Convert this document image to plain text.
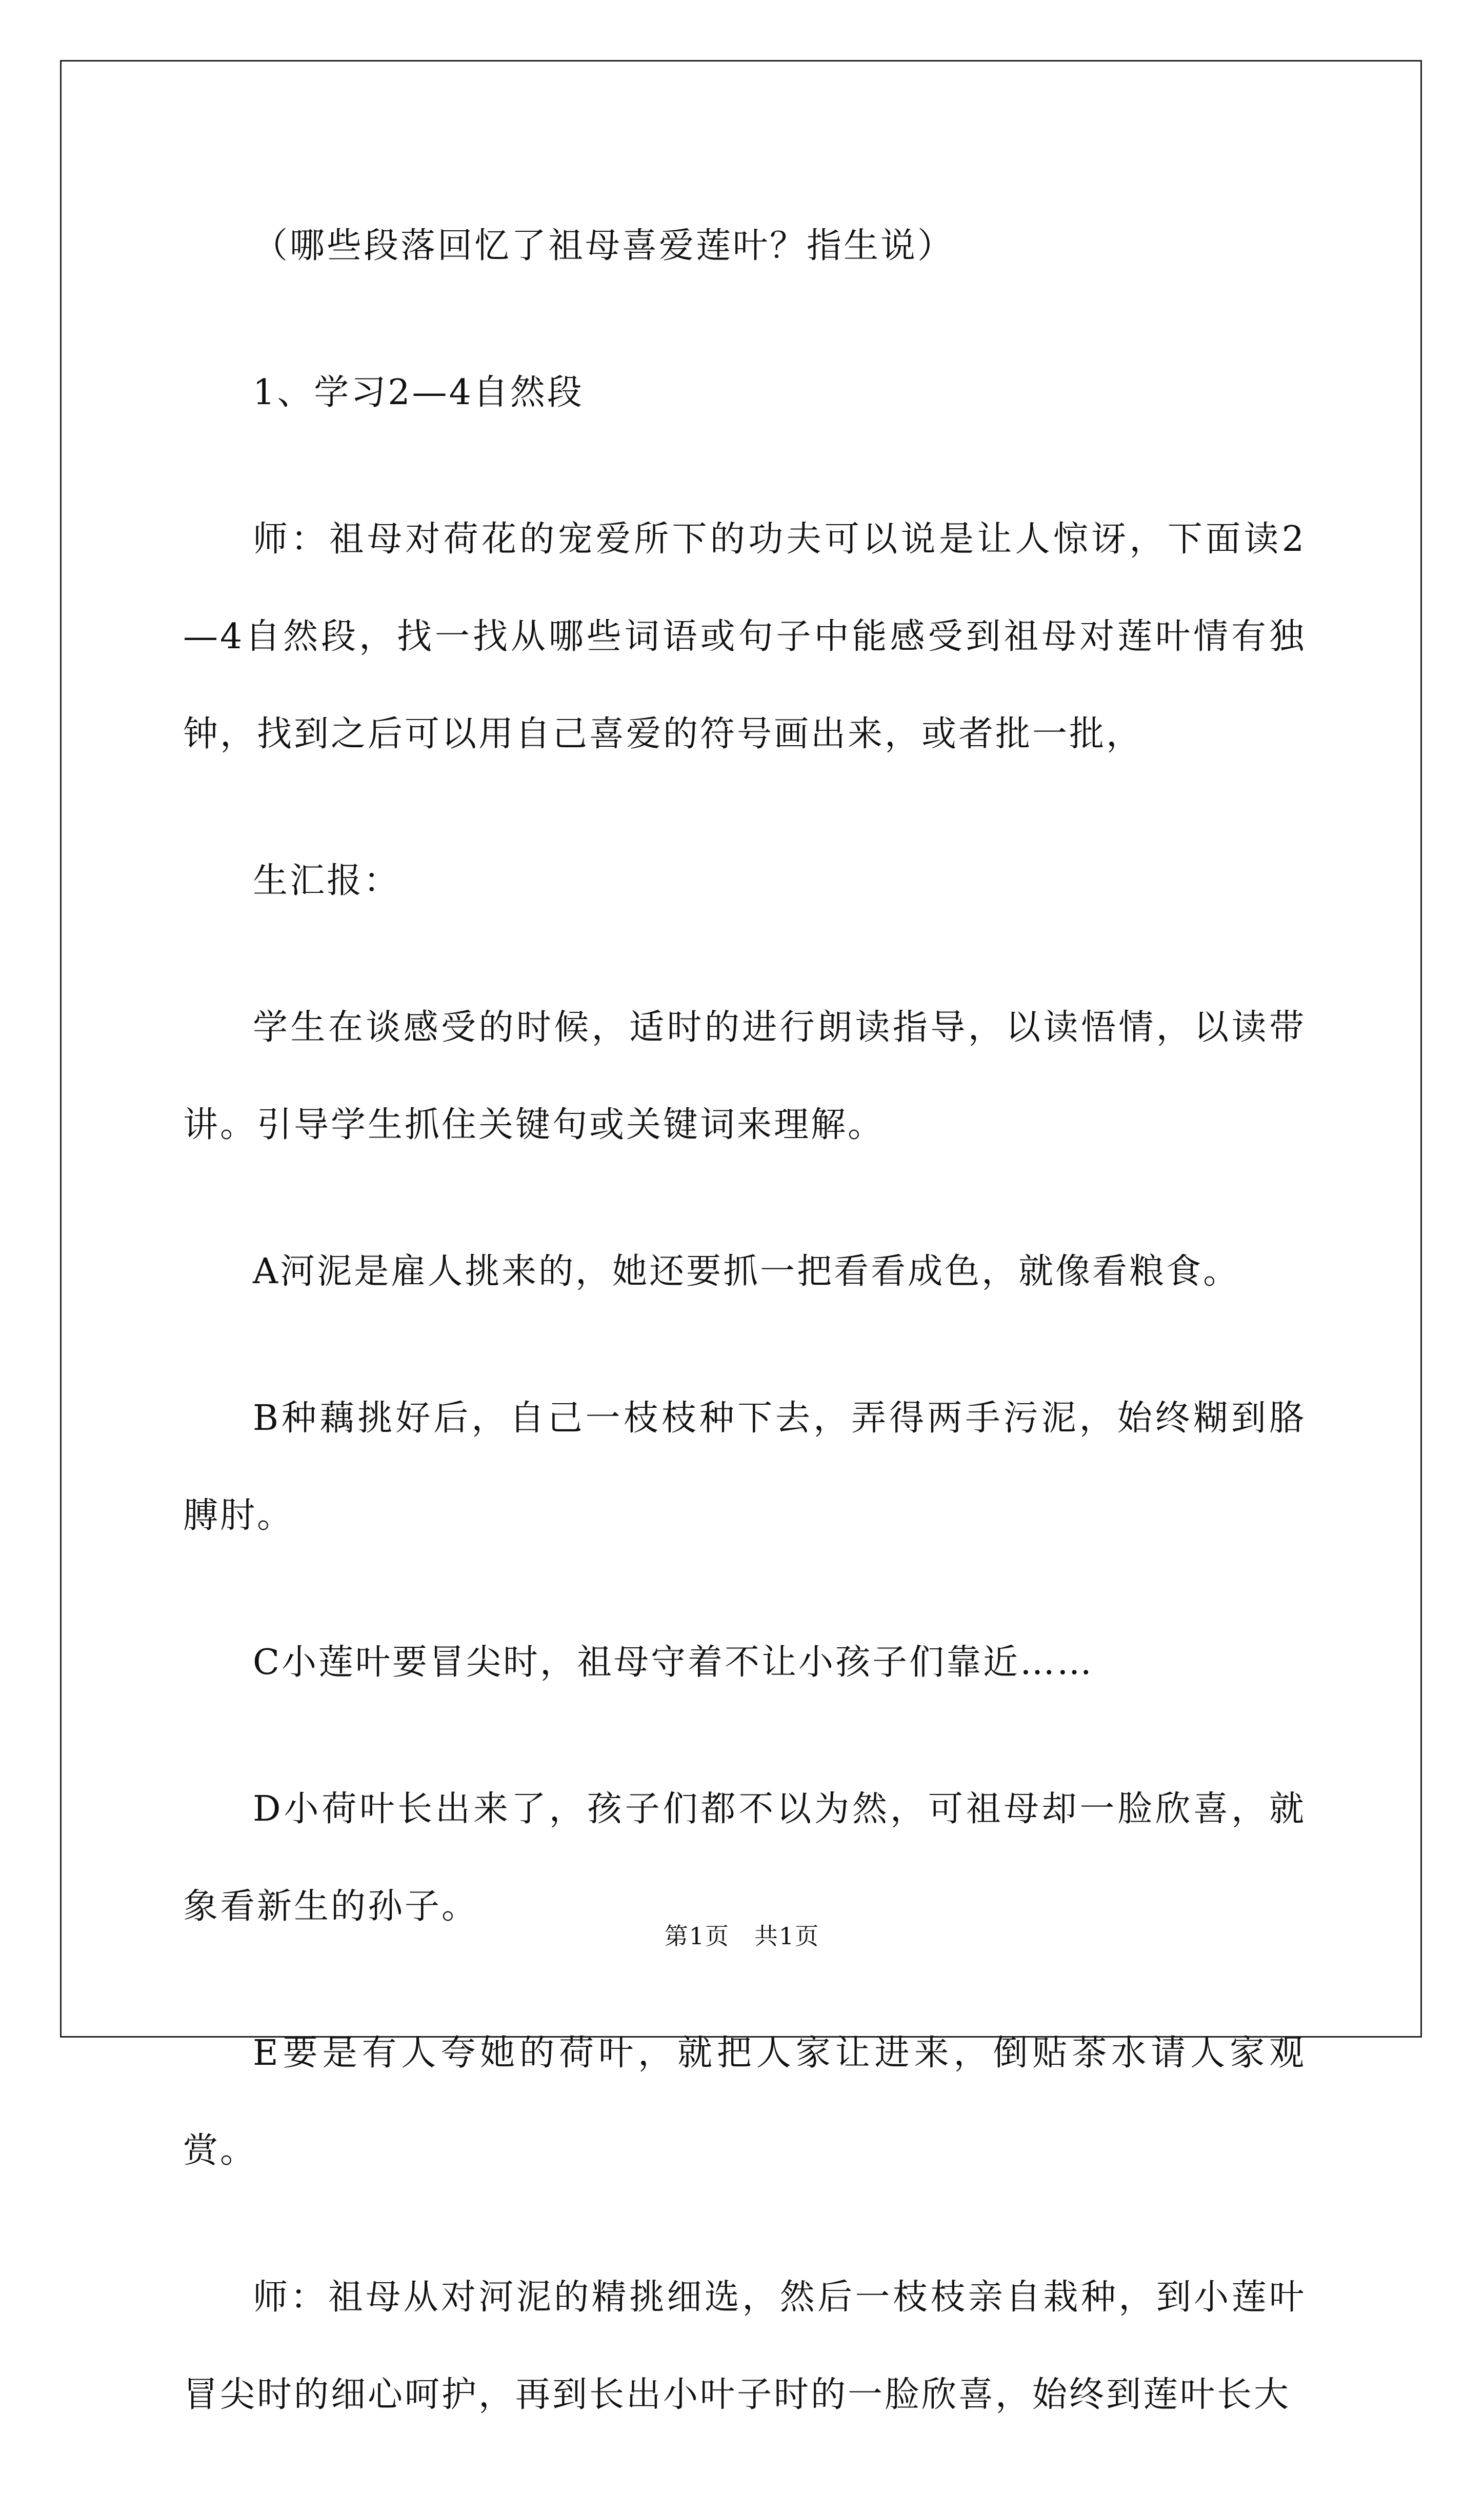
（哪些段落回忆了祖母喜爱莲叶？指生说）

1、学习2—4自然段

师：祖母对荷花的宠爱所下的功夫可以说是让人惊讶，下面读2—4自然段，找一找从哪些词语或句子中能感受到祖母对莲叶情有独钟，找到之后可以用自己喜爱的符号画出来，或者批一批，

生汇报：

学生在谈感受的时候，适时的进行朗读指导，以读悟情，以读带讲。引导学生抓住关键句或关键词来理解。

A河泥是雇人挑来的，她还要抓一把看看成色，就像看粮食。

B种藕挑好后，自己一枝枝种下去，弄得两手污泥，始终糊到胳膊肘。

C小莲叶要冒尖时，祖母守着不让小孩子们靠近……

D小荷叶长出来了，孩子们都不以为然，可祖母却一脸欣喜，就象看新生的孙子。

E要是有人夸她的荷叶，就把人家让进来，倒贴茶水请人家观赏。

师：祖母从对河泥的精挑细选，然后一枝枝亲自栽种，到小莲叶冒尖时的细心呵护，再到长出小叶子时的一脸欣喜，始终到莲叶长大

第1页　共1页
